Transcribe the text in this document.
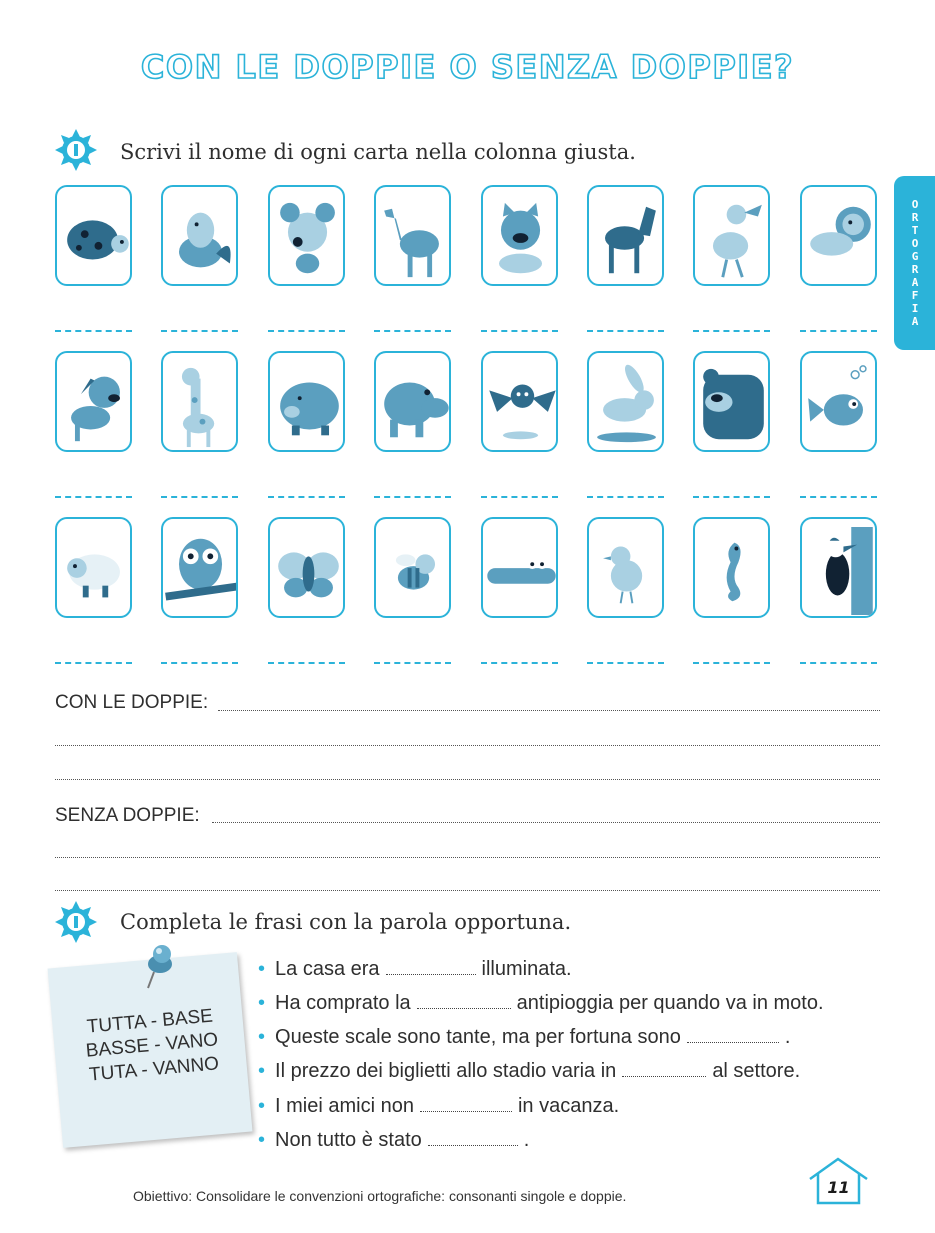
CON LE DOPPIE O SENZA DOPPIE?
ORTOGRAFIA
Scrivi il nome di ogni carta nella colonna giusta.
CON LE DOPPIE:
SENZA DOPPIE:
Completa le frasi con la parola opportuna.
TUTTA - BASE
BASSE - VANO
TUTA - VANNO
• La casa era	illuminata.
• Ha comprato la	antipioggia per quando va in moto.
• Queste scale sono tante, ma per fortuna sono	.
• Il prezzo dei biglietti allo stadio varia in	al settore.
• I miei amici non	in vacanza.
• Non tutto è stato	.
Obiettivo: Consolidare le convenzioni ortografiche: consonanti singole e doppie.	11
